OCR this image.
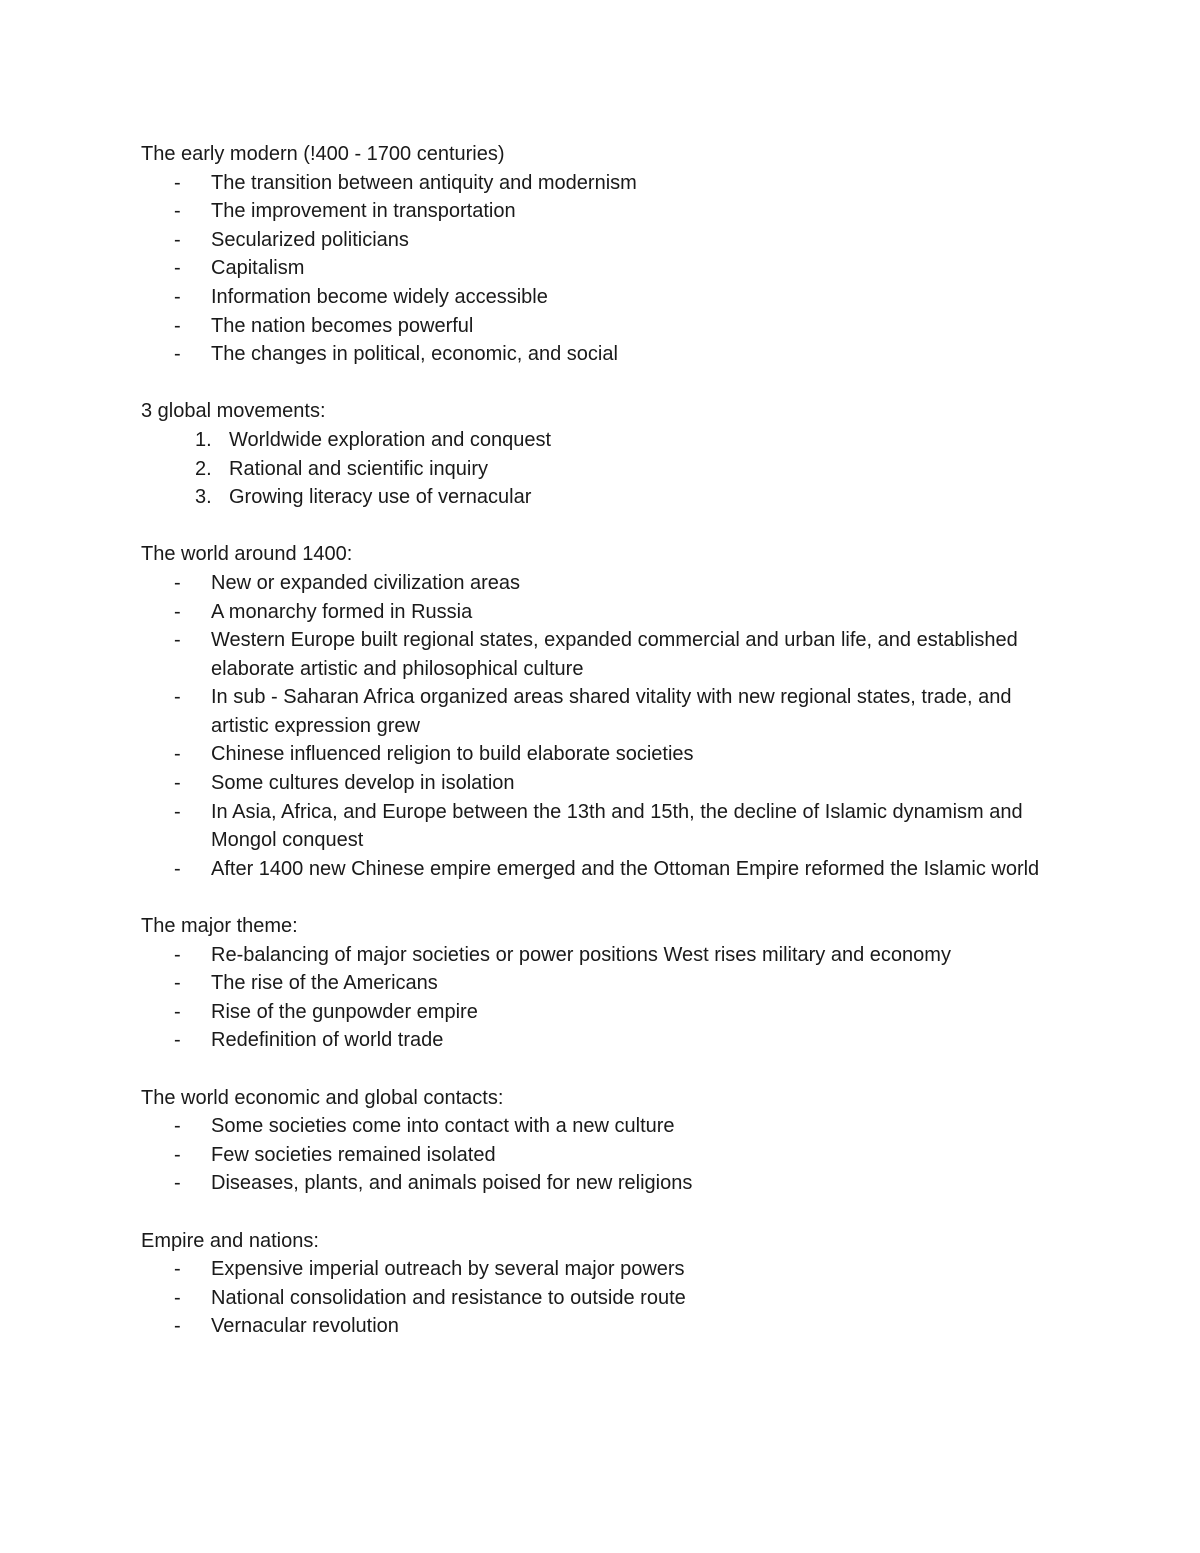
The early modern (!400 - 1700 centuries)
- The transition between antiquity and modernism
- The improvement in transportation
- Secularized politicians
- Capitalism
- Information become widely accessible
- The nation becomes powerful
- The changes in political, economic, and social
3 global movements:
1. Worldwide exploration and conquest
2. Rational and scientific inquiry
3. Growing literacy use of vernacular
The world around 1400:
- New or expanded civilization areas
- A monarchy formed in Russia
- Western Europe built regional states, expanded commercial and urban life, and established elaborate artistic and philosophical culture
- In sub - Saharan Africa organized areas shared vitality with new regional states, trade, and artistic expression grew
- Chinese influenced religion to build elaborate societies
- Some cultures develop in isolation
- In Asia, Africa, and Europe between the 13th and 15th, the decline of Islamic dynamism and Mongol conquest
- After 1400 new Chinese empire emerged and the Ottoman Empire reformed the Islamic world
The major theme:
- Re-balancing of major societies or power positions West rises military and economy
- The rise of the Americans
- Rise of the gunpowder empire
- Redefinition of world trade
The world economic and global contacts:
- Some societies come into contact with a new culture
- Few societies remained isolated
- Diseases, plants, and animals poised for new religions
Empire and nations:
- Expensive imperial outreach by several major powers
- National consolidation and resistance to outside route
- Vernacular revolution
